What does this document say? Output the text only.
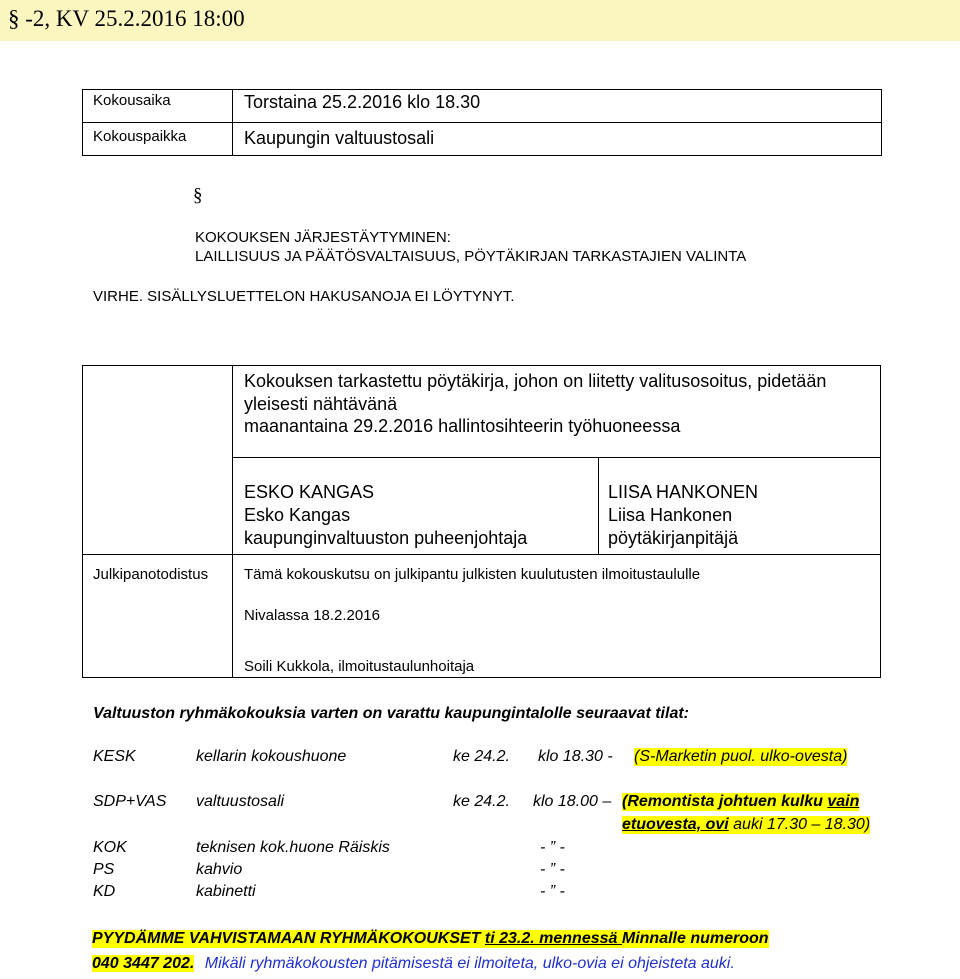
§ -2, KV 25.2.2016 18:00
Kokousaika	Torstaina 25.2.2016 klo 18.30
Kokouspaikka	Kaupungin valtuustosali
§
KOKOUKSEN JÄRJESTÄYTYMINEN:
LAILLISUUS JA PÄÄTÖSVALTAISUUS, PÖYTÄKIRJAN TARKASTAJIEN VALINTA
VIRHE. SISÄLLYSLUETTELON HAKUSANOJA EI LÖYTYNYT.
Kokouksen tarkastettu pöytäkirja, johon on liitetty valitusosoitus, pidetään
yleisesti nähtävänä
maanantaina 29.2.2016 hallintosihteerin työhuoneessa
ESKO KANGAS
Esko Kangas
kaupunginvaltuuston puheenjohtaja
LIISA HANKONEN
Liisa Hankonen
pöytäkirjanpitäjä
Julkipanotodistus Tämä kokouskutsu on julkipantu julkisten kuulutusten ilmoitustaululle
Nivalassa 18.2.2016
Soili Kukkola, ilmoitustaulunhoitaja
Valtuuston ryhmäkokouksia varten on varattu kaupungintalolle seuraavat tilat:
KESK	kellarin kokoushuone	ke 24.2. klo 18.30 - (S-Marketin puol. ulko-ovesta)
SDP+VAS valtuustosali	ke 24.2. klo 18.00 – (Remontista johtuen kulku vain
etuovesta, ovi auki 17.30 – 18.30)
KOK	teknisen kok.huone Räiskis	- ” -
PS	kahvio	- ” -
KD	kabinetti	- ” -
PYYDÄMME VAHVISTAMAAN RYHMÄKOKOUKSET ti 23.2. mennessä Minnalle numeroon
040 3447 202. Mikäli ryhmäkokousten pitämisestä ei ilmoiteta, ulko-ovia ei ohjeisteta auki.
